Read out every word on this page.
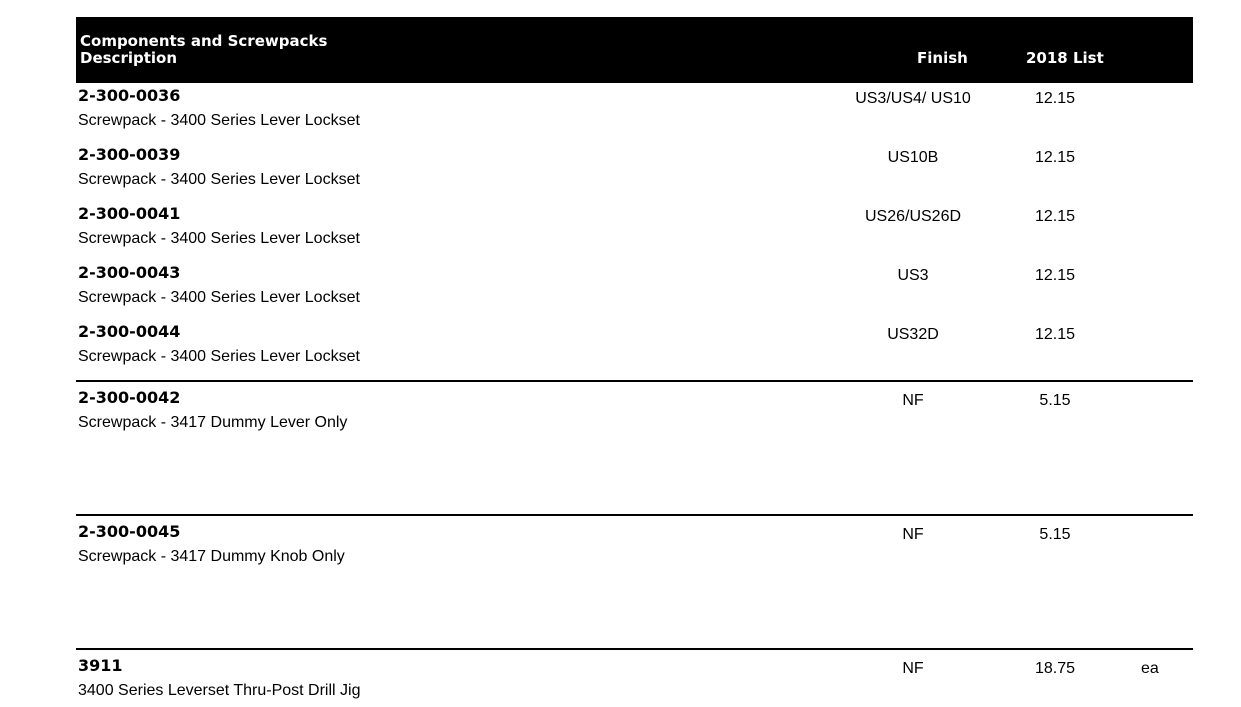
Components and Screwpacks
Description	Finish	2018 List
2-300-0036
Screwpack - 3400 Series Lever Lockset
US3/US4/ US10	12.15
2-300-0039
Screwpack - 3400 Series Lever Lockset
US10B	12.15
2-300-0041
Screwpack - 3400 Series Lever Lockset
US26/US26D	12.15
2-300-0043
Screwpack - 3400 Series Lever Lockset
US3	12.15
2-300-0044
Screwpack - 3400 Series Lever Lockset
US32D	12.15
2-300-0042
Screwpack - 3417 Dummy Lever Only
NF	5.15
2-300-0045
Screwpack - 3417 Dummy Knob Only
NF	5.15
3911
3400 Series Leverset Thru-Post Drill Jig
NF	18.75	ea
